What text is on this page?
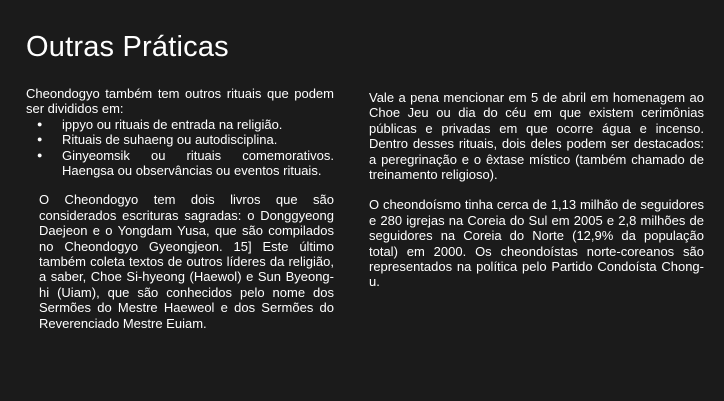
Outras Práticas

Cheondogyo também tem outros rituais que podem ser divididos em:

● ippyo ou rituais de entrada na religião.
● Rituais de suhaeng ou autodisciplina.
● Ginyeomsik ou rituais comemorativos. Haengsa ou observâncias ou eventos rituais.

O Cheondogyo tem dois livros que são considerados escrituras sagradas: o Donggyeong Daejeon e o Yongdam Yusa, que são compilados no Cheondogyo Gyeongjeon. 15] Este último também coleta textos de outros líderes da religião, a saber, Choe Si-hyeong (Haewol) e Sun Byeong-hi (Uiam), que são conhecidos pelo nome dos Sermões do Mestre Haeweol e dos Sermões do Reverenciado Mestre Euiam.

Vale a pena mencionar em 5 de abril em homenagem ao Choe Jeu ou dia do céu em que existem cerimônias públicas e privadas em que ocorre água e incenso. Dentro desses rituais, dois deles podem ser destacados: a peregrinação e o êxtase místico (também chamado de treinamento religioso).

O cheondoísmo tinha cerca de 1,13 milhão de seguidores e 280 igrejas na Coreia do Sul em 2005 e 2,8 milhões de seguidores na Coreia do Norte (12,9% da população total) em 2000. Os cheondoístas norte-coreanos são representados na política pelo Partido Condoísta Chong-u.
